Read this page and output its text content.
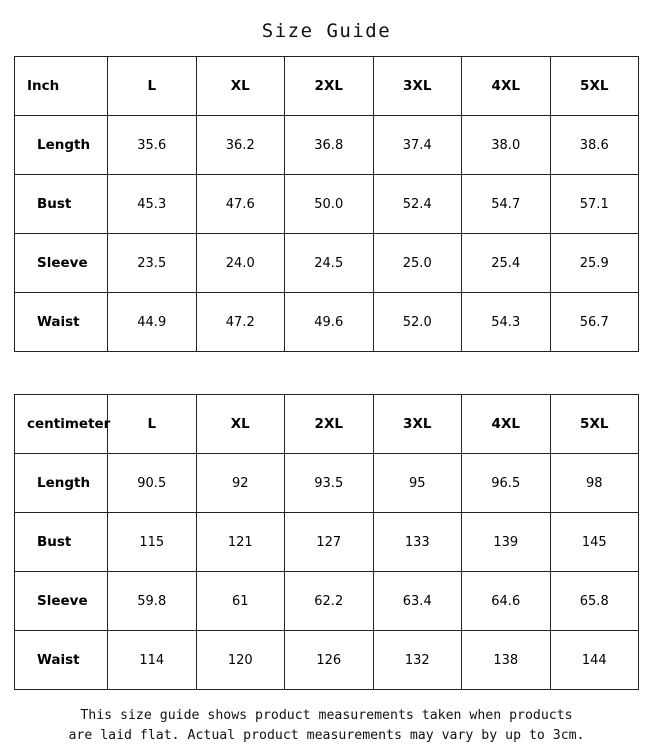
Size Guide
Inch	L	XL	2XL	3XL	4XL	5XL
Length	35.6	36.2	36.8	37.4	38.0	38.6
Bust	45.3	47.6	50.0	52.4	54.7	57.1
Sleeve	23.5	24.0	24.5	25.0	25.4	25.9
Waist	44.9	47.2	49.6	52.0	54.3	56.7
centimeter	L	XL	2XL	3XL	4XL	5XL
Length	90.5	92	93.5	95	96.5	98
Bust	115	121	127	133	139	145
Sleeve	59.8	61	62.2	63.4	64.6	65.8
Waist	114	120	126	132	138	144
This size guide shows product measurements taken when products
are laid flat. Actual product measurements may vary by up to 3cm.
